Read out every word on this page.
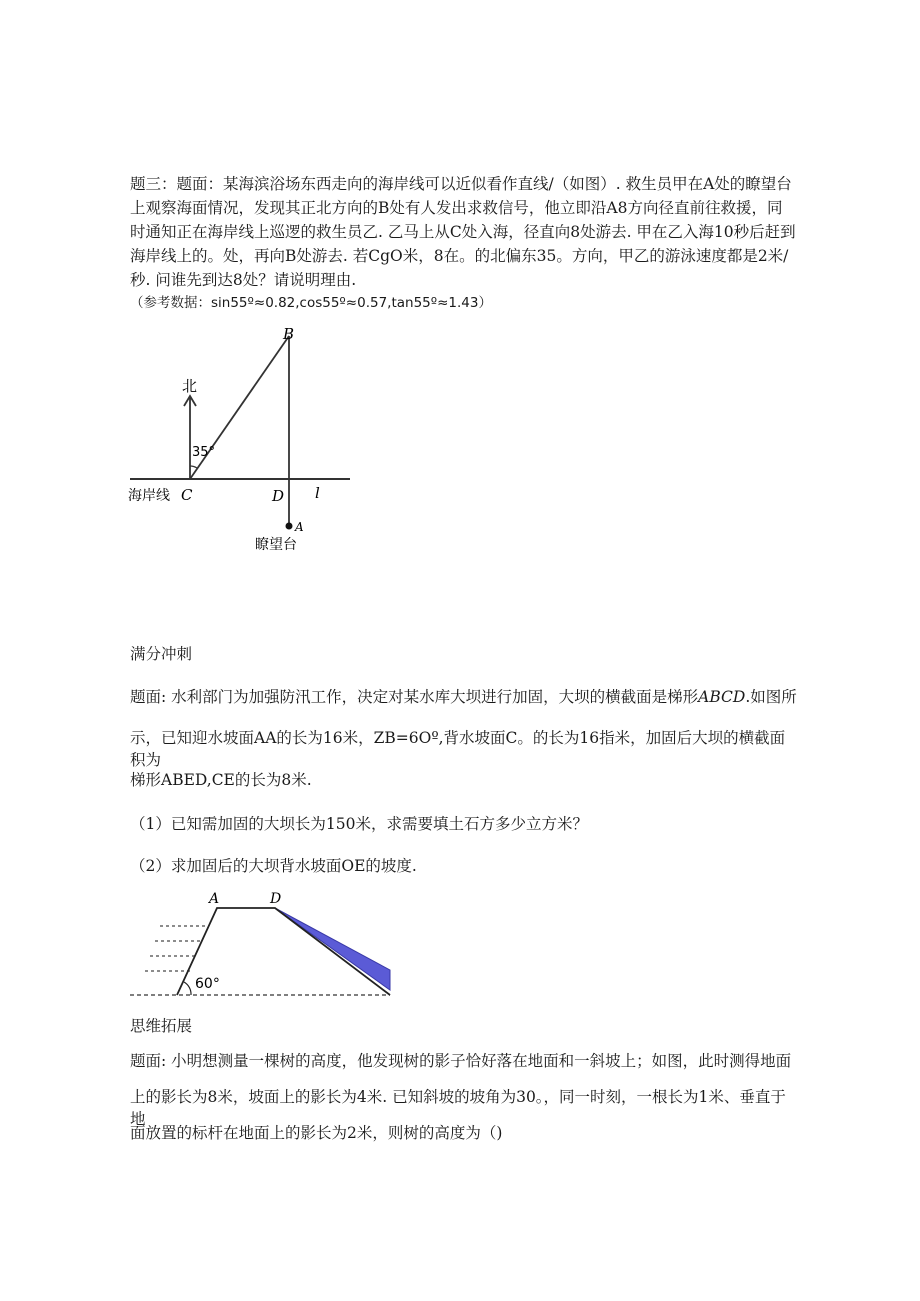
题三：题面：某海滨浴场东西走向的海岸线可以近似看作直线/（如图）. 救生员甲在A处的瞭望台
上观察海面情况，发现其正北方向的B处有人发出求救信号，他立即沿A8方向径直前往救援，同
时通知正在海岸线上巡逻的救生员乙. 乙马上从C处入海，径直向8处游去. 甲在乙入海10秒后赶到
海岸线上的。处，再向B处游去. 若CgO米，8在。的北偏东35。方向，甲乙的游泳速度都是2米/
秒. 问谁先到达8处？请说明理由.
（参考数据：sin55º≈0.82,cos55º≈0.57,tan55º≈1.43）
B
北
35°
海岸线 C	D l
A
瞭望台
满分冲刺
题面: 水利部门为加强防汛工作，决定对某水库大坝进行加固，大坝的横截面是梯形ABCD.如图所
示，已知迎水坡面AA的长为16米，ZB=6Oº,背水坡面C。的长为16指米，加固后大坝的横截面积为
梯形ABED,CE的长为8米.
（1）已知需加固的大坝长为150米，求需要填土石方多少立方米？
（2）求加固后的大坝背水坡面OE的坡度.
A	D
60°
思维拓展
题面: 小明想测量一棵树的高度，他发现树的影子恰好落在地面和一斜坡上；如图，此时测得地面
上的影长为8米，坡面上的影长为4米. 已知斜坡的坡角为30。，同一时刻，一根长为1米、垂直于地
面放置的标杆在地面上的影长为2米，则树的高度为（)
